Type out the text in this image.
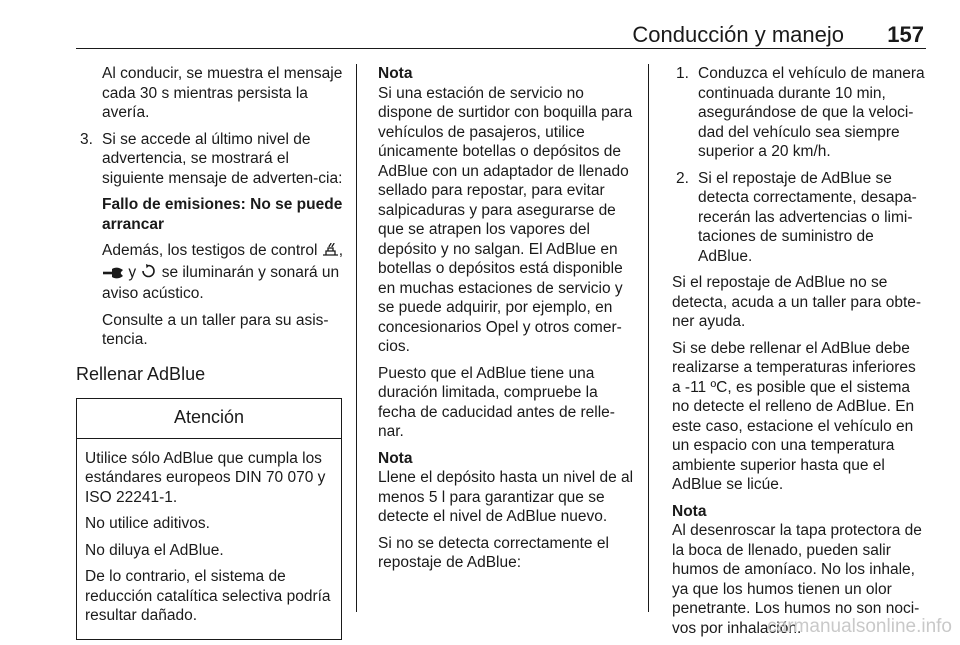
Conducción y manejo 157

Al conducir, se muestra el mensaje cada 30 s mientras persista la avería.

3. Si se accede al último nivel de advertencia, se mostrará el siguiente mensaje de adverten-cia:

Fallo de emisiones: No se puede arrancar

Además, los testigos de control ,  y se iluminarán y sonará un aviso acústico.

Consulte a un taller para su asis-tencia.

Rellenar AdBlue
Atención

Utilice sólo AdBlue que cumpla los estándares europeos DIN 70 070 y ISO 22241-1.

No utilice aditivos.

No diluya el AdBlue.

De lo contrario, el sistema de reducción catalítica selectiva podría resultar dañado.

Nota
Si una estación de servicio no dispone de surtidor con boquilla para vehículos de pasajeros, utilice únicamente botellas o depósitos de AdBlue con un adaptador de llenado sellado para repostar, para evitar salpicaduras y para asegurarse de que se atrapen los vapores del depósito y no salgan. El AdBlue en botellas o depósitos está disponible en muchas estaciones de servicio y se puede adquirir, por ejemplo, en concesionarios Opel y otros comer-cios.

Puesto que el AdBlue tiene una duración limitada, compruebe la fecha de caducidad antes de relle-nar.

Nota
Llene el depósito hasta un nivel de al menos 5 l para garantizar que se detecte el nivel de AdBlue nuevo.

Si no se detecta correctamente el repostaje de AdBlue:

1. Conduzca el vehículo de manera continuada durante 10 min, asegurándose de que la veloci-dad del vehículo sea siempre superior a 20 km/h.

2. Si el repostaje de AdBlue se detecta correctamente, desapa-recerán las advertencias o limi-taciones de suministro de AdBlue.

Si el repostaje de AdBlue no se detecta, acuda a un taller para obte-ner ayuda.

Si se debe rellenar el AdBlue debe realizarse a temperaturas inferiores a -11 ºC, es posible que el sistema no detecte el relleno de AdBlue. En este caso, estacione el vehículo en un espacio con una temperatura ambiente superior hasta que el AdBlue se licúe.

Nota
Al desenroscar la tapa protectora de la boca de llenado, pueden salir humos de amoníaco. No los inhale, ya que los humos tienen un olor penetrante. Los humos no son noci-vos por inhalación.

carmanualsonline.info
